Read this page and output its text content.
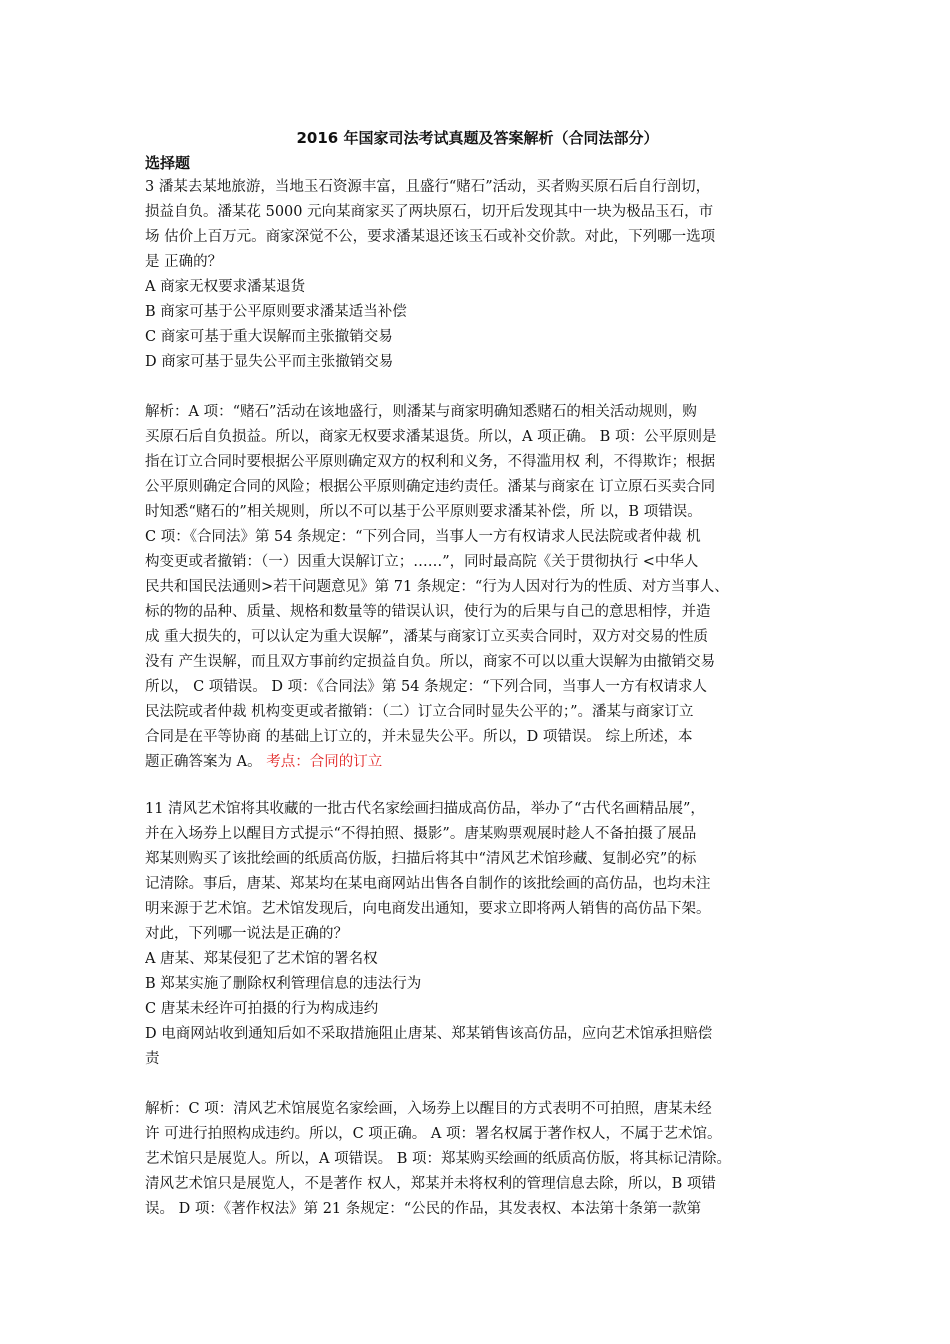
2016 年国家司法考试真题及答案解析（合同法部分）
选择题
3 潘某去某地旅游，当地玉石资源丰富，且盛行“赌石”活动，买者购买原石后自行剖切，
损益自负。潘某花 5000 元向某商家买了两块原石，切开后发现其中一块为极品玉石，市
场 估价上百万元。商家深觉不公，要求潘某退还该玉石或补交价款。对此，下列哪一选项
是 正确的？
A 商家无权要求潘某退货
B 商家可基于公平原则要求潘某适当补偿
C 商家可基于重大误解而主张撤销交易
D 商家可基于显失公平而主张撤销交易
解析：A 项：“赌石”活动在该地盛行，则潘某与商家明确知悉赌石的相关活动规则，购
买原石后自负损益。所以，商家无权要求潘某退货。所以，A 项正确。 B 项：公平原则是
指在订立合同时要根据公平原则确定双方的权利和义务，不得滥用权 利，不得欺诈；根据
公平原则确定合同的风险；根据公平原则确定违约责任。潘某与商家在 订立原石买卖合同
时知悉“赌石的”相关规则，所以不可以基于公平原则要求潘某补偿，所 以，B 项错误。
C 项：《合同法》第 54 条规定：“下列合同，当事人一方有权请求人民法院或者仲裁 机
构变更或者撤销：（一）因重大误解订立；……”，同时最高院《关于贯彻执行 <中华人
民共和国民法通则>若干问题意见》第 71 条规定：“行为人因对行为的性质、对方当事人、
标的物的品种、质量、规格和数量等的错误认识，使行为的后果与自己的意思相悖，并造
成 重大损失的，可以认定为重大误解”，潘某与商家订立买卖合同时，双方对交易的性质
没有 产生误解，而且双方事前约定损益自负。所以，商家不可以以重大误解为由撤销交易
所以， C 项错误。 D 项：《合同法》第 54 条规定：“下列合同，当事人一方有权请求人
民法院或者仲裁 机构变更或者撤销：（二）订立合同时显失公平的；”。潘某与商家订立
合同是在平等协商 的基础上订立的，并未显失公平。所以，D 项错误。 综上所述，本
题正确答案为 A。 考点：合同的订立
11 清风艺术馆将其收藏的一批古代名家绘画扫描成高仿品，举办了“古代名画精品展”，
并在入场券上以醒目方式提示“不得拍照、摄影”。唐某购票观展时趁人不备拍摄了展品
郑某则购买了该批绘画的纸质高仿版，扫描后将其中“清风艺术馆珍藏、复制必究”的标
记清除。事后，唐某、郑某均在某电商网站出售各自制作的该批绘画的高仿品，也均未注
明来源于艺术馆。艺术馆发现后，向电商发出通知，要求立即将两人销售的高仿品下架。
对此，下列哪一说法是正确的？
A 唐某、郑某侵犯了艺术馆的署名权
B 郑某实施了删除权利管理信息的违法行为
C 唐某未经许可拍摄的行为构成违约
D 电商网站收到通知后如不采取措施阻止唐某、郑某销售该高仿品，应向艺术馆承担赔偿
责
解析：C 项：清风艺术馆展览名家绘画，入场券上以醒目的方式表明不可拍照，唐某未经
许 可进行拍照构成违约。所以，C 项正确。 A 项：署名权属于著作权人，不属于艺术馆。
艺术馆只是展览人。所以，A 项错误。 B 项：郑某购买绘画的纸质高仿版，将其标记清除。
清风艺术馆只是展览人，不是著作 权人，郑某并未将权利的管理信息去除，所以，B 项错
误。 D 项：《著作权法》第 21 条规定：“公民的作品，其发表权、本法第十条第一款第
